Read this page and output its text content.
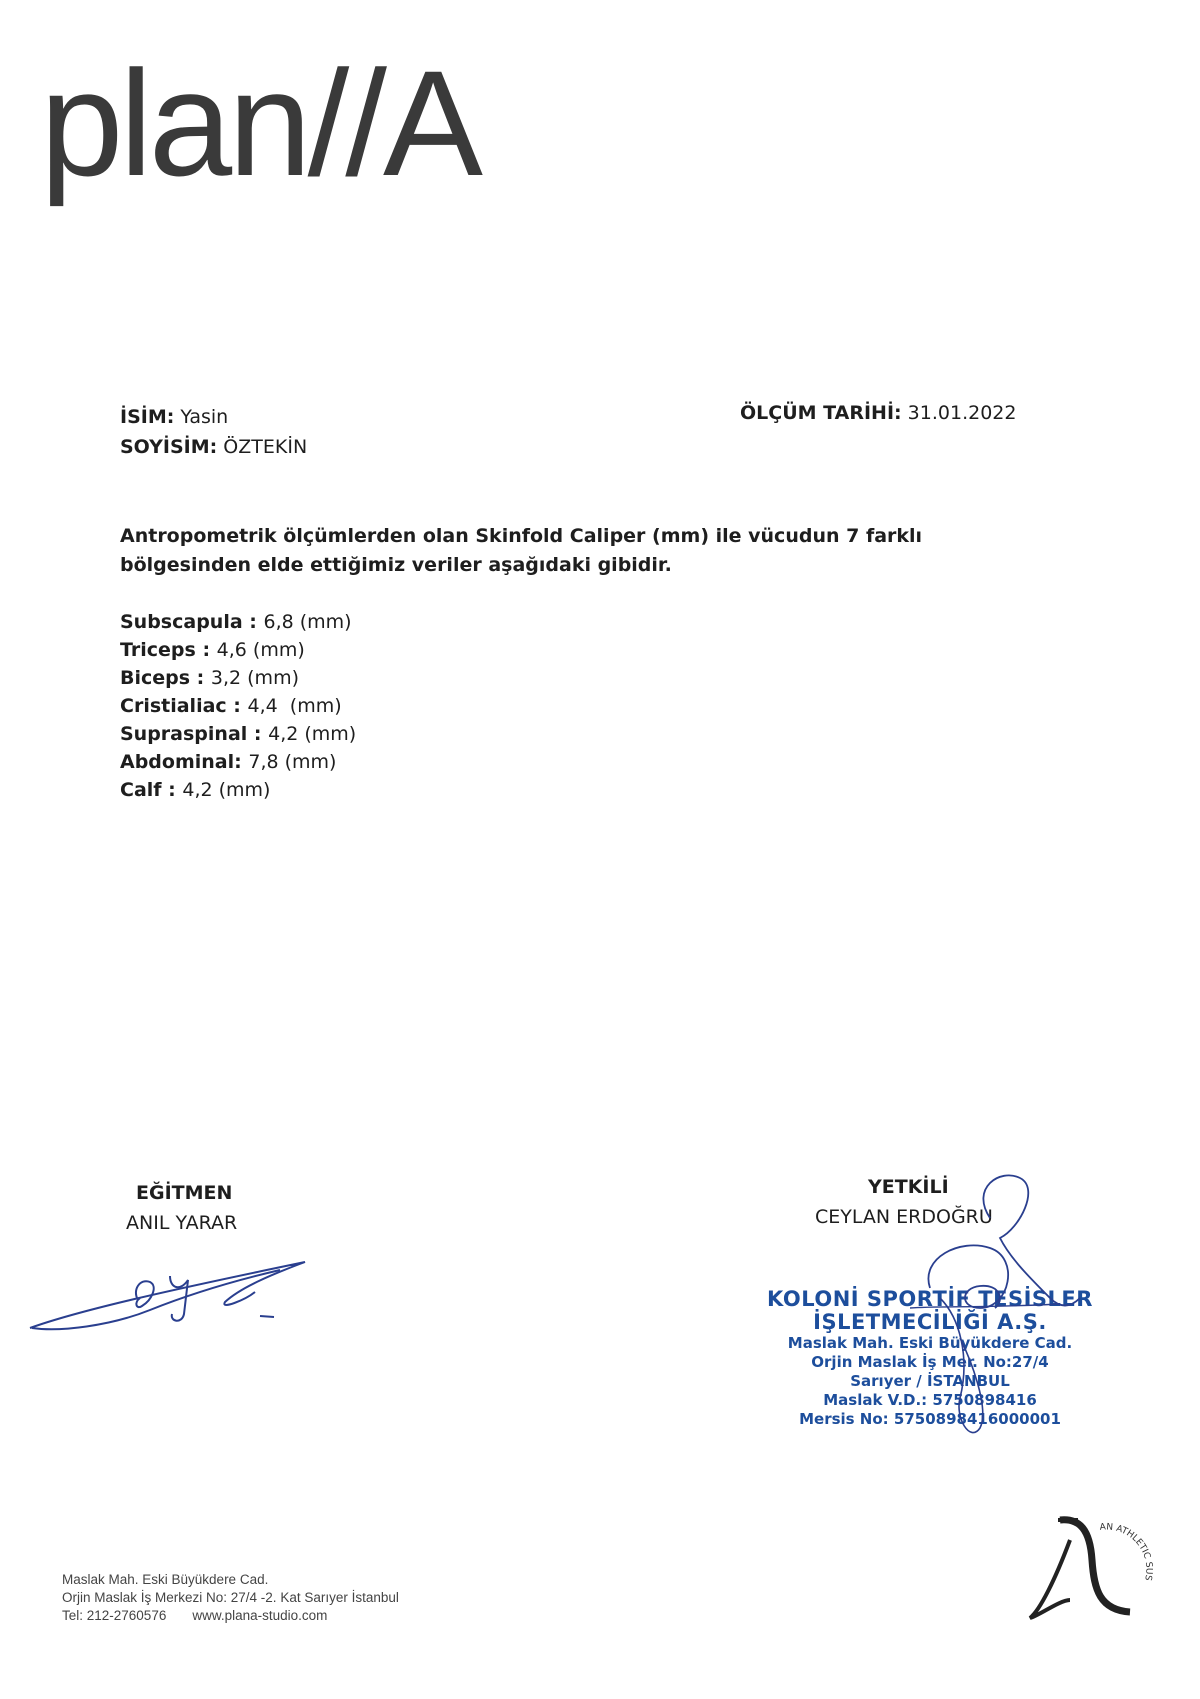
plan//A
İSİM: Yasin
SOYİSİM: ÖZTEKİN
ÖLÇÜM TARİHİ: 31.01.2022
Antropometrik ölçümlerden olan Skinfold Caliper (mm) ile vücudun 7 farklı bölgesinden elde ettiğimiz veriler aşağıdaki gibidir.
Subscapula : 6,8 (mm)
Triceps : 4,6 (mm)
Biceps : 3,2 (mm)
Cristialiac : 4,4  (mm)
Supraspinal : 4,2 (mm)
Abdominal: 7,8 (mm)
Calf : 4,2 (mm)
EĞİTMEN
ANIL YARAR
YETKİLİ
CEYLAN ERDOĞRU
KOLONİ SPORTİF TESİSLER
İŞLETMECİLİĞİ A.Ş.
Maslak Mah. Eski Büyükdere Cad.
Orjin Maslak İş Mer. No:27/4
Sarıyer / İSTANBUL
Maslak V.D.: 5750898416
Mersis No: 5750898416000001
Maslak Mah. Eski Büyükdere Cad.
Orjin Maslak İş Merkezi No: 27/4 -2. Kat Sarıyer İstanbul
Tel: 212-2760576 www.plana-studio.com
AN ATHLETIC SUS
